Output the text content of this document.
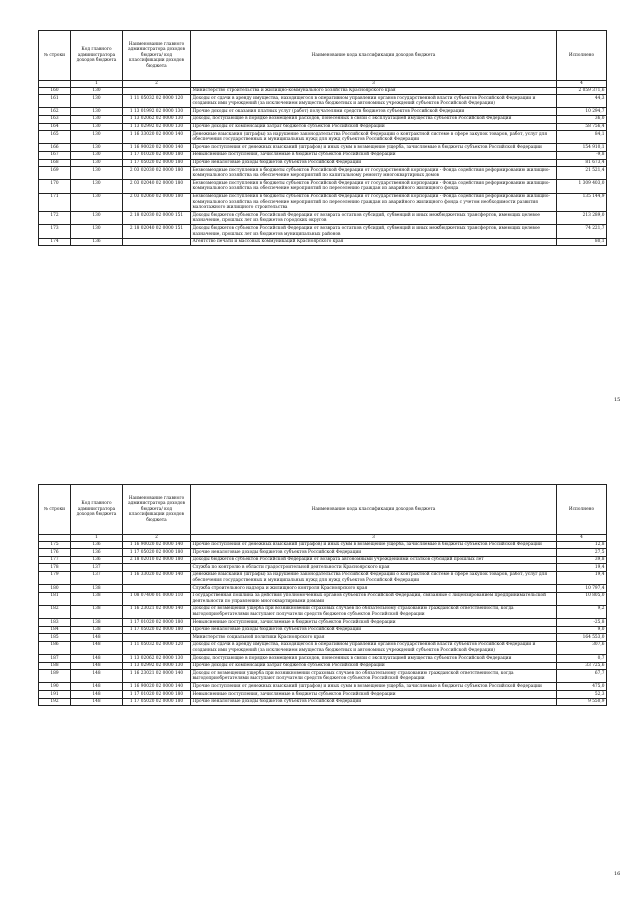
№ строки	Код главного администратора доходов бюджета	Наименование главного администратора доходов бюджета/ код классификации доходов бюджета	Наименование кода классификации доходов бюджета	Исполнено
	1	2	3	4
160	130		Министерство строительства и жилищно-коммунального хозяйства Красноярского края	2 059 371,6
161	130	1 11 05032 02 0000 120	Доходы от сдачи в аренду имущества, находящегося в оперативном управлении органов государственной власти субъектов Российской Федерации и созданных ими учреждений (за исключением имущества бюджетных и автономных учреждений субъектов Российской Федерации)	44,3
162	130	1 13 01992 02 0000 130	Прочие доходы от оказания платных услуг (работ) получателями средств бюджетов субъектов Российской Федерации	10 294,7
163	130	1 13 02062 02 0000 130	Доходы, поступающие в порядке возмещения расходов, понесенных в связи с эксплуатацией имущества субъектов Российской Федерации	36,0
164	130	1 13 02992 02 0000 130	Прочие доходы от компенсации затрат бюджетов субъектов Российской Федерации	58 756,4
165	130	1 16 33020 02 0000 140	Денежные взыскания (штрафы) за нарушение законодательства Российской Федерации о контрактной системе в сфере закупок товаров, работ, услуг для обеспечения государственных и муниципальных нужд для нужд субъектов Российской Федерации	84,1
166	130	1 16 90020 02 0000 140	Прочие поступления от денежных взысканий (штрафов) и иных сумм в возмещение ущерба, зачисляемые в бюджеты субъектов Российской Федерации	154 910,1
167	130	1 17 01020 02 0000 180	Невыясненные поступления, зачисляемые в бюджеты субъектов Российской Федерации	-9,8
168	130	1 17 05020 02 0000 180	Прочие неналоговые доходы бюджетов субъектов Российской Федерации	81 673,4
169	130	2 03 02030 02 0000 180	Безвозмездные поступления в бюджеты субъектов Российской Федерации от государственной корпорации - Фонда содействия реформированию жилищно-коммунального хозяйства на обеспечение мероприятий по капитальному ремонту многоквартирных домов	21 521,4
170	130	2 03 02040 02 0000 180	Безвозмездные поступления в бюджеты субъектов Российской Федерации от государственной корпорации - Фонда содействия реформированию жилищно-коммунального хозяйства на обеспечение мероприятий по переселению граждан из аварийного жилищного фонда	1 309 403,0
171	130	2 03 02060 02 0000 180	Безвозмездные поступления в бюджеты субъектов Российской Федерации от государственной корпорации - Фонда содействия реформированию жилищно-коммунального хозяйства на обеспечение мероприятий по переселению граждан из аварийного жилищного фонда с учетом необходимости развития малоэтажного жилищного строительства	135 144,9
172	130	2 18 02030 02 0000 151	Доходы бюджетов субъектов Российской Федерации от возврата остатков субсидий, субвенций и иных межбюджетных трансфертов, имеющих целевое назначение, прошлых лет из бюджетов городских округов	213 289,0
173	130	2 18 02040 02 0000 151	Доходы бюджетов субъектов Российской Федерации от возврата остатков субсидий, субвенций и иных межбюджетных трансфертов, имеющих целевое назначение, прошлых лет из бюджетов муниципальных районов	74 221,7
174	136		Агентство печати и массовых коммуникаций Красноярского края	80,1
15
№ строки	Код главного администратора доходов бюджета	Наименование главного администратора доходов бюджета/ код классификации доходов бюджета	Наименование кода классификации доходов бюджета	Исполнено
	1	2	3	4
175	136	1 16 90020 02 0000 140	Прочие поступления от денежных взысканий (штрафов) и иных сумм в возмещение ущерба, зачисляемые в бюджеты субъектов Российской Федерации	12,8
176	136	1 17 05020 02 0000 180	Прочие неналоговые доходы бюджетов субъектов Российской Федерации	27,5
177	136	2 18 02010 02 0000 180	Доходы бюджетов субъектов Российской Федерации от возврата автономными учреждениями остатков субсидий прошлых лет	39,8
178	137		Служба по контролю в области градостроительной деятельности Красноярского края	19,4
179	137	1 16 33020 02 0000 140	Денежные взыскания (штрафы) за нарушение законодательства Российской Федерации о контрактной системе в сфере закупок товаров, работ, услуг для обеспечения государственных и муниципальных нужд для нужд субъектов Российской Федерации	19,4
180	138		Служба строительного надзора и жилищного контроля Красноярского края	10 797,4
181	138	1 08 07400 01 0000 110	Государственная пошлина за действия уполномоченных органов субъектов Российской Федерации, связанные с лицензированием предпринимательской деятельности по управлению многоквартирными домами	10 805,0
182	138	1 16 23021 02 0000 140	Доходы от возмещения ущерба при возникновении страховых случаев по обязательному страхованию гражданской ответственности, когда выгодоприобретателями выступают получатели средств бюджетов субъектов Российской Федерации	9,2
183	138	1 17 01020 02 0000 180	Невыясненные поступления, зачисляемые в бюджеты субъектов Российской Федерации	-25,8
184	138	1 17 05020 02 0000 180	Прочие неналоговые доходы бюджетов субъектов Российской Федерации	9,0
185	148		Министерство социальной политики Красноярского края	164 553,0
186	148	1 11 05032 02 0000 120	Доходы от сдачи в аренду имущества, находящегося в оперативном управлении органов государственной власти субъектов Российской Федерации и созданных ими учреждений (за исключением имущества бюджетных и автономных учреждений субъектов Российской Федерации)	307,6
187	148	1 13 02062 02 0000 130	Доходы, поступающие в порядке возмещения расходов, понесенных в связи с эксплуатацией имущества субъектов Российской Федерации	0,7
188	148	1 13 02992 02 0000 130	Прочие доходы от компенсации затрат бюджетов субъектов Российской Федерации	33 725,6
189	148	1 16 23021 02 0000 140	Доходы от возмещения ущерба при возникновении страховых случаев по обязательному страхованию гражданской ответственности, когда выгодоприобретателями выступают получатели средств бюджетов субъектов Российской Федерации	67,7
190	148	1 16 90020 02 0000 140	Прочие поступления от денежных взысканий (штрафов) и иных сумм в возмещение ущерба, зачисляемые в бюджеты субъектов Российской Федерации	475,0
191	148	1 17 01020 02 0000 180	Невыясненные поступления, зачисляемые в бюджеты субъектов Российской Федерации	52,3
192	148	1 17 05020 02 0000 180	Прочие неналоговые доходы бюджетов субъектов Российской Федерации	9 550,9
16
